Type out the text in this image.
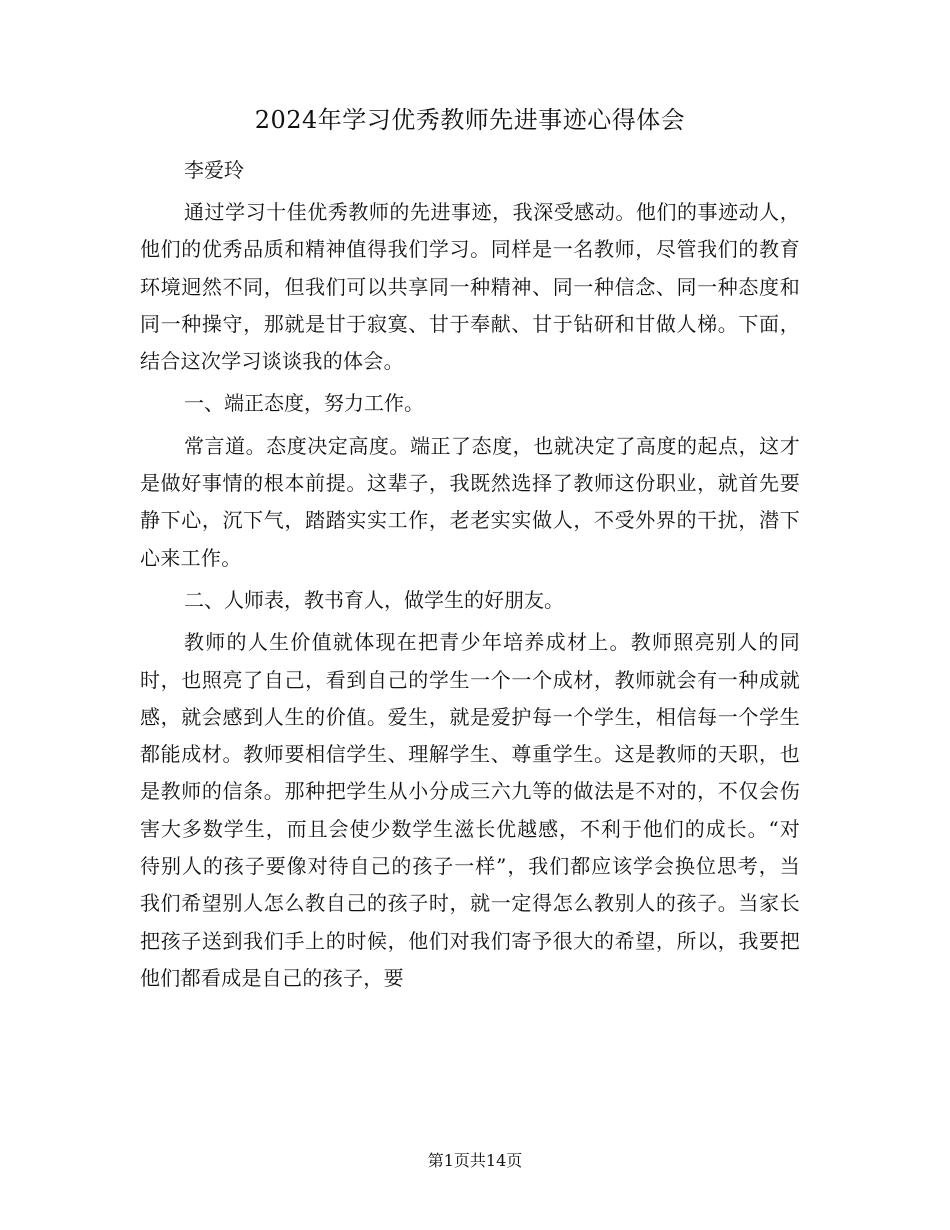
2024年学习优秀教师先进事迹心得体会
李爱玲
通过学习十佳优秀教师的先进事迹，我深受感动。他们的事迹动人，他们的优秀品质和精神值得我们学习。同样是一名教师，尽管我们的教育环境迥然不同，但我们可以共享同一种精神、同一种信念、同一种态度和同一种操守，那就是甘于寂寞、甘于奉献、甘于钻研和甘做人梯。下面，结合这次学习谈谈我的体会。
一、端正态度，努力工作。
常言道。态度决定高度。端正了态度，也就决定了高度的起点，这才是做好事情的根本前提。这辈子，我既然选择了教师这份职业，就首先要静下心，沉下气，踏踏实实工作，老老实实做人，不受外界的干扰，潜下心来工作。
二、人师表，教书育人，做学生的好朋友。
教师的人生价值就体现在把青少年培养成材上。教师照亮别人的同时，也照亮了自己，看到自己的学生一个一个成材，教师就会有一种成就感，就会感到人生的价值。爱生，就是爱护每一个学生，相信每一个学生都能成材。教师要相信学生、理解学生、尊重学生。这是教师的天职，也是教师的信条。那种把学生从小分成三六九等的做法是不对的，不仅会伤害大多数学生，而且会使少数学生滋长优越感，不利于他们的成长。“对待别人的孩子要像对待自己的孩子一样”，我们都应该学会换位思考，当我们希望别人怎么教自己的孩子时，就一定得怎么教别人的孩子。当家长把孩子送到我们手上的时候，他们对我们寄予很大的希望，所以，我要把他们都看成是自己的孩子，要
第1页共14页
